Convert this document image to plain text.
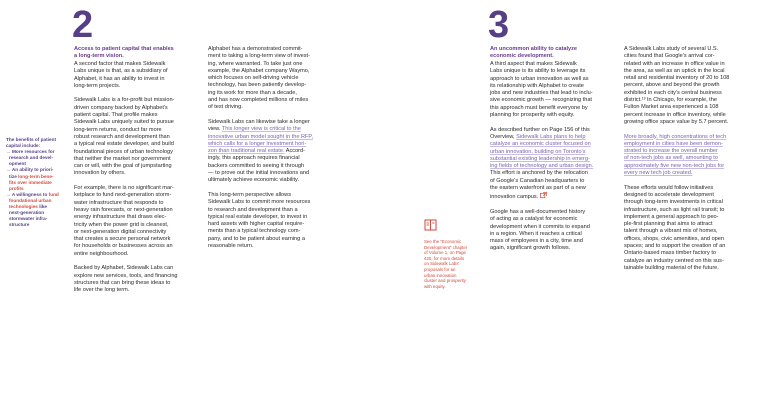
2
Access to patient capital that enables
a long-term vision.

A second factor that makes Sidewalk
Labs unique is that, as a subsidiary of
Alphabet, it has an ability to invest in
long-term projects.

Sidewalk Labs is a for-profit but mission-
driven company backed by Alphabet's
patient capital. That profile makes
Sidewalk Labs uniquely suited to pursue
long-term returns, conduct far more
robust research and development than
a typical real estate developer, and build
foundational pieces of urban technology
that neither the market nor government
can or will, with the goal of jumpstarting
innovation by others.

For example, there is no significant mar-
ketplace to fund next-generation storm-
water infrastructure that responds to
heavy rain forecasts, or next-generation
energy infrastructure that draws elec-
tricity when the power grid is cleanest,
or next-generation digital connectivity
that creates a secure personal network
for households or businesses across an
entire neighbourhood.

Backed by Alphabet, Sidewalk Labs can
explore new services, tools, and financing
structures that can bring these ideas to
life over the long term.

Alphabet has a demonstrated commit-
ment to taking a long-term view of invest-
ing, where warranted. To take just one
example, the Alphabet company Waymo,
which focuses on self-driving vehicle
technology, has been patiently develop-
ing its work for more than a decade,
and has now completed millions of miles
of test driving.

Sidewalk Labs can likewise take a longer
view. This longer view is critical to the
innovative urban model sought in the RFP,
which calls for a longer investment hori-
zon than traditional real estate. Accord-
ingly, this approach requires financial
backers committed to seeing it through
— to prove out the initial innovations and
ultimately achieve economic viability.

This long-term perspective allows
Sidewalk Labs to commit more resources
to research and development than a
typical real estate developer, to invest in
hard assets with higher capital require-
ments than a typical technology com-
pany, and to be patient about earning a
reasonable return.

The benefits of patient
capital include:
→ More resources for
research and devel-
opment
→ An ability to priori-
tize long-term bene-
fits over immediate
profits
→ A willingness to fund
foundational urban
technologies like
next-generation
stormwater infra-
structure
See the "Economic
Development" chapter
of Volume 1, on Page
420, for more details
on Sidewalk Labs'
proposals for an
urban innovation
cluster and prosperity
with equity.
3
An uncommon ability to catalyze
economic development.

A third aspect that makes Sidewalk
Labs unique is its ability to leverage its
approach to urban innovation as well as
its relationship with Alphabet to create
jobs and new industries that lead to inclu-
sive economic growth — recognizing that
this approach must benefit everyone by
planning for prosperity with equity.

As described further on Page 156 of this
Overview, Sidewalk Labs plans to help
catalyze an economic cluster focused on
urban innovation, building on Toronto's
substantial existing leadership in emerg-
ing fields of technology and urban design.
This effort is anchored by the relocation
of Google's Canadian headquarters to
the eastern waterfront as part of a new
innovation campus.

Google has a well-documented history
of acting as a catalyst for economic
development when it commits to expand
in a region. When it reaches a critical
mass of employees in a city, time and
again, significant growth follows.

A Sidewalk Labs study of several U.S.
cities found that Google's arrival cor-
related with an increase in office value in
the area, as well as an uptick in the local
retail and residential inventory of 20 to 108
percent, above and beyond the growth
exhibited in each city's central business
district.¹³ In Chicago, for example, the
Fulton Market area experienced a 108
percent increase in office inventory, while
growing office space value by 5.7 percent.

More broadly, high concentrations of tech
employment in cities have been demon-
strated to increase the overall number
of non-tech jobs as well, amounting to
approximately five new non-tech jobs for
every new tech job created.

These efforts would follow initiatives
designed to accelerate development
through long-term investments in critical
infrastructure, such as light rail transit; to
implement a general approach to peo-
ple-first planning that aims to attract
talent through a vibrant mix of homes,
offices, shops, civic amenities, and open
spaces; and to support the creation of an
Ontario-based mass timber factory to
catalyze an industry centred on this sus-
tainable building material of the future.
